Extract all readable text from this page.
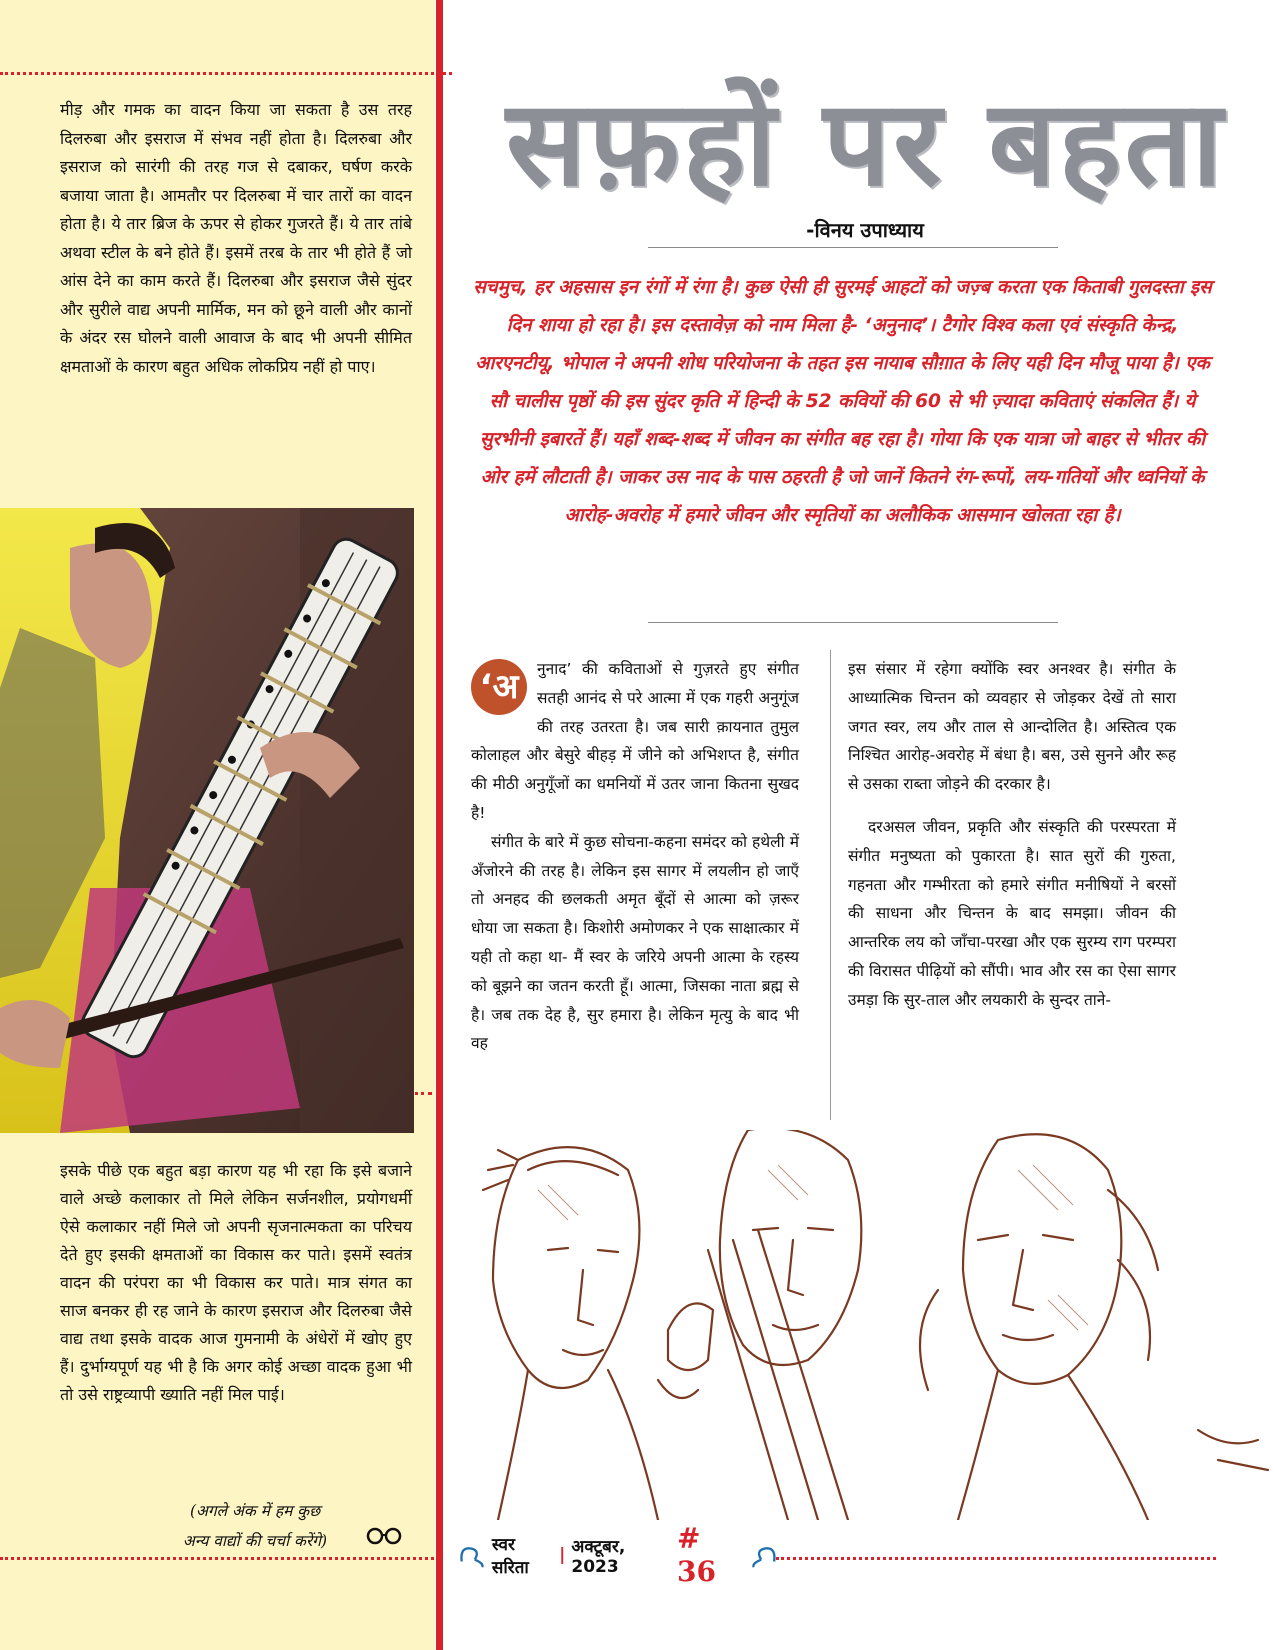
मीड़ और गमक का वादन किया जा सकता है उस तरह दिलरुबा और इसराज में संभव नहीं होता है। दिलरुबा और इसराज को सारंगी की तरह गज से दबाकर, घर्षण करके बजाया जाता है। आमतौर पर दिलरुबा में चार तारों का वादन होता है। ये तार ब्रिज के ऊपर से होकर गुजरते हैं। ये तार तांबे अथवा स्टील के बने होते हैं। इसमें तरब के तार भी होते हैं जो आंस देने का काम करते हैं। दिलरुबा और इसराज जैसे सुंदर और सुरीले वाद्य अपनी मार्मिक, मन को छूने वाली और कानों के अंदर रस घोलने वाली आवाज के बाद भी अपनी सीमित क्षमताओं के कारण बहुत अधिक लोकप्रिय नहीं हो पाए।

इसके पीछे एक बहुत बड़ा कारण यह भी रहा कि इसे बजाने वाले अच्छे कलाकार तो मिले लेकिन सर्जनशील, प्रयोगधर्मी ऐसे कलाकार नहीं मिले जो अपनी सृजनात्मकता का परिचय देते हुए इसकी क्षमताओं का विकास कर पाते। इसमें स्वतंत्र वादन की परंपरा का भी विकास कर पाते। मात्र संगत का साज बनकर ही रह जाने के कारण इसराज और दिलरुबा जैसे वाद्य तथा इसके वादक आज गुमनामी के अंधेरों में खोए हुए हैं। दुर्भाग्यपूर्ण यह भी है कि अगर कोई अच्छा वादक हुआ भी तो उसे राष्ट्रव्यापी ख्याति नहीं मिल पाई।

(अगले अंक में हम कुछ
अन्य वाद्यों की चर्चा करेंगे)
सफ़हों पर बहता
-विनय उपाध्याय

सचमुच, हर अहसास इन रंगों में रंगा है। कुछ ऐसी ही सुरमई आहटों को जज़्ब करता एक किताबी गुलदस्ता इस दिन शाया हो रहा है। इस दस्तावेज़ को नाम मिला है- ‘अनुनाद’। टैगोर विश्व कला एवं संस्कृति केन्द्र, आरएनटीयू, भोपाल ने अपनी शोध परियोजना के तहत इस नायाब सौग़ात के लिए यही दिन मौजू पाया है। एक सौ चालीस पृष्ठों की इस सुंदर कृति में हिन्दी के 52 कवियों की 60 से भी ज़्यादा कविताएं संकलित हैं। ये सुरभीनी इबारतें हैं। यहाँ शब्द-शब्द में जीवन का संगीत बह रहा है। गोया कि एक यात्रा जो बाहर से भीतर की ओर हमें लौटाती है। जाकर उस नाद के पास ठहरती है जो जानें कितने रंग-रूपों, लय-गतियों और ध्वनियों के आरोह-अवरोह में हमारे जीवन और स्मृतियों का अलौकिक आसमान खोलता रहा है।

‘अ	नुनाद’ की कविताओं से गुज़रते हुए संगीत सतही आनंद से परे आत्मा में एक गहरी अनुगूंज की तरह उतरता है। जब सारी क़ायनात तुमुल कोलाहल और बेसुरे बीहड़ में जीने को अभिशप्त है, संगीत की मीठी अनुगूँजों का धमनियों में उतर जाना कितना सुखद है!

संगीत के बारे में कुछ सोचना-कहना समंदर को हथेली में अँजोरने की तरह है। लेकिन इस सागर में लयलीन हो जाएँ तो अनहद की छलकती अमृत बूँदों से आत्मा को ज़रूर धोया जा सकता है। किशोरी अमोणकर ने एक साक्षात्कार में यही तो कहा था- मैं स्वर के जरिये अपनी आत्मा के रहस्य को बूझने का जतन करती हूँ। आत्मा, जिसका नाता ब्रह्म से है। जब तक देह है, सुर हमारा है। लेकिन मृत्यु के बाद भी वह

इस संसार में रहेगा क्योंकि स्वर अनश्वर है। संगीत के आध्यात्मिक चिन्तन को व्यवहार से जोड़कर देखें तो सारा जगत स्वर, लय और ताल से आन्दोलित है। अस्तित्व एक निश्चित आरोह-अवरोह में बंधा है। बस, उसे सुनने और रूह से उसका राब्ता जोड़ने की दरकार है।

दरअसल जीवन, प्रकृति और संस्कृति की परस्परता में संगीत मनुष्यता को पुकारता है। सात सुरों की गुरुता, गहनता और गम्भीरता को हमारे संगीत मनीषियों ने बरसों की साधना और चिन्तन के बाद समझा। जीवन की आन्तरिक लय को जाँचा-परखा और एक सुरम्य राग परम्परा की विरासत पीढ़ियों को सौंपी। भाव और रस का ऐसा सागर उमड़ा कि सुर-ताल और लयकारी के सुन्दर ताने-

स्वर सरिता
| अक्टूबर, 2023
# 36
